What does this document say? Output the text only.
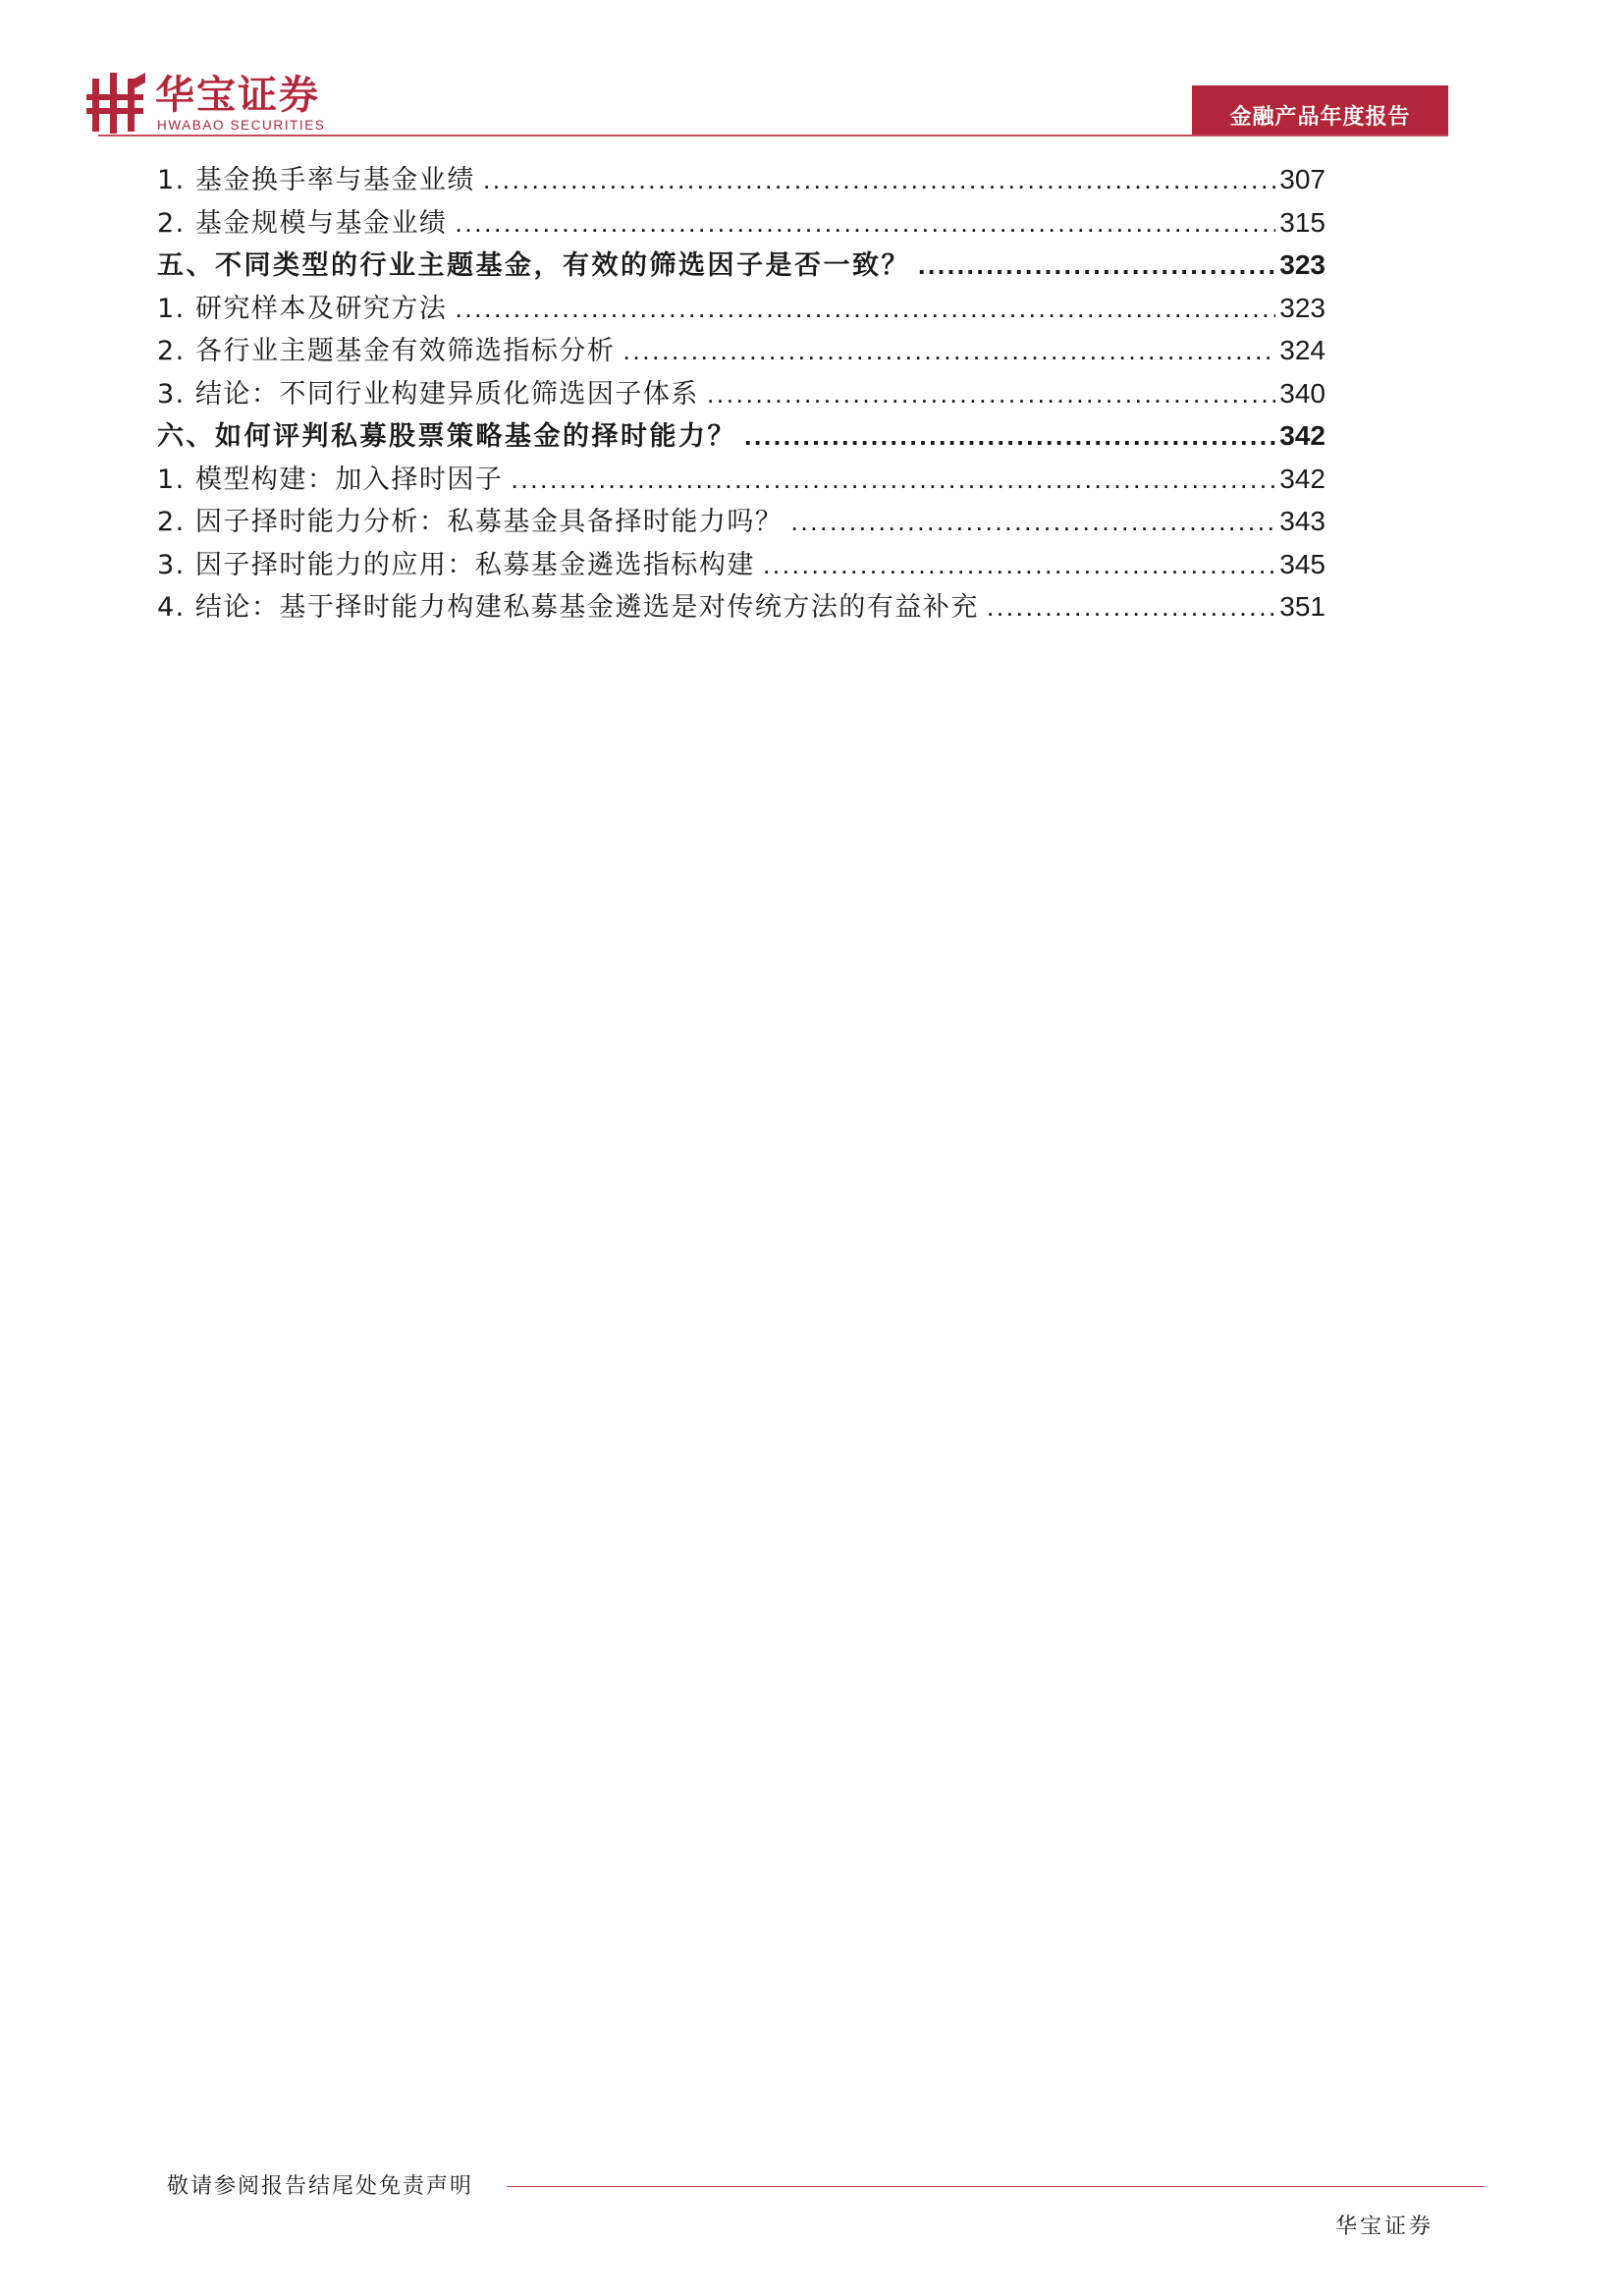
华宝证券
HWABAO SECURITIES	金融产品年度报告
1. 基金换手率与基金业绩 .....	307
2. 基金规模与基金业绩 .....	315
五、不同类型的行业主题基金，有效的筛选因子是否一致？ .....	323
1. 研究样本及研究方法 .....	323
2. 各行业主题基金有效筛选指标分析 .....	324
3. 结论：不同行业构建异质化筛选因子体系 .....	340
六、如何评判私募股票策略基金的择时能力？ .....	342
1. 模型构建：加入择时因子 .....	342
2. 因子择时能力分析：私募基金具备择时能力吗？ .....	343
3. 因子择时能力的应用：私募基金遴选指标构建 .....	345
4. 结论：基于择时能力构建私募基金遴选是对传统方法的有益补充 .....	351
敬请参阅报告结尾处免责声明
华宝证券
